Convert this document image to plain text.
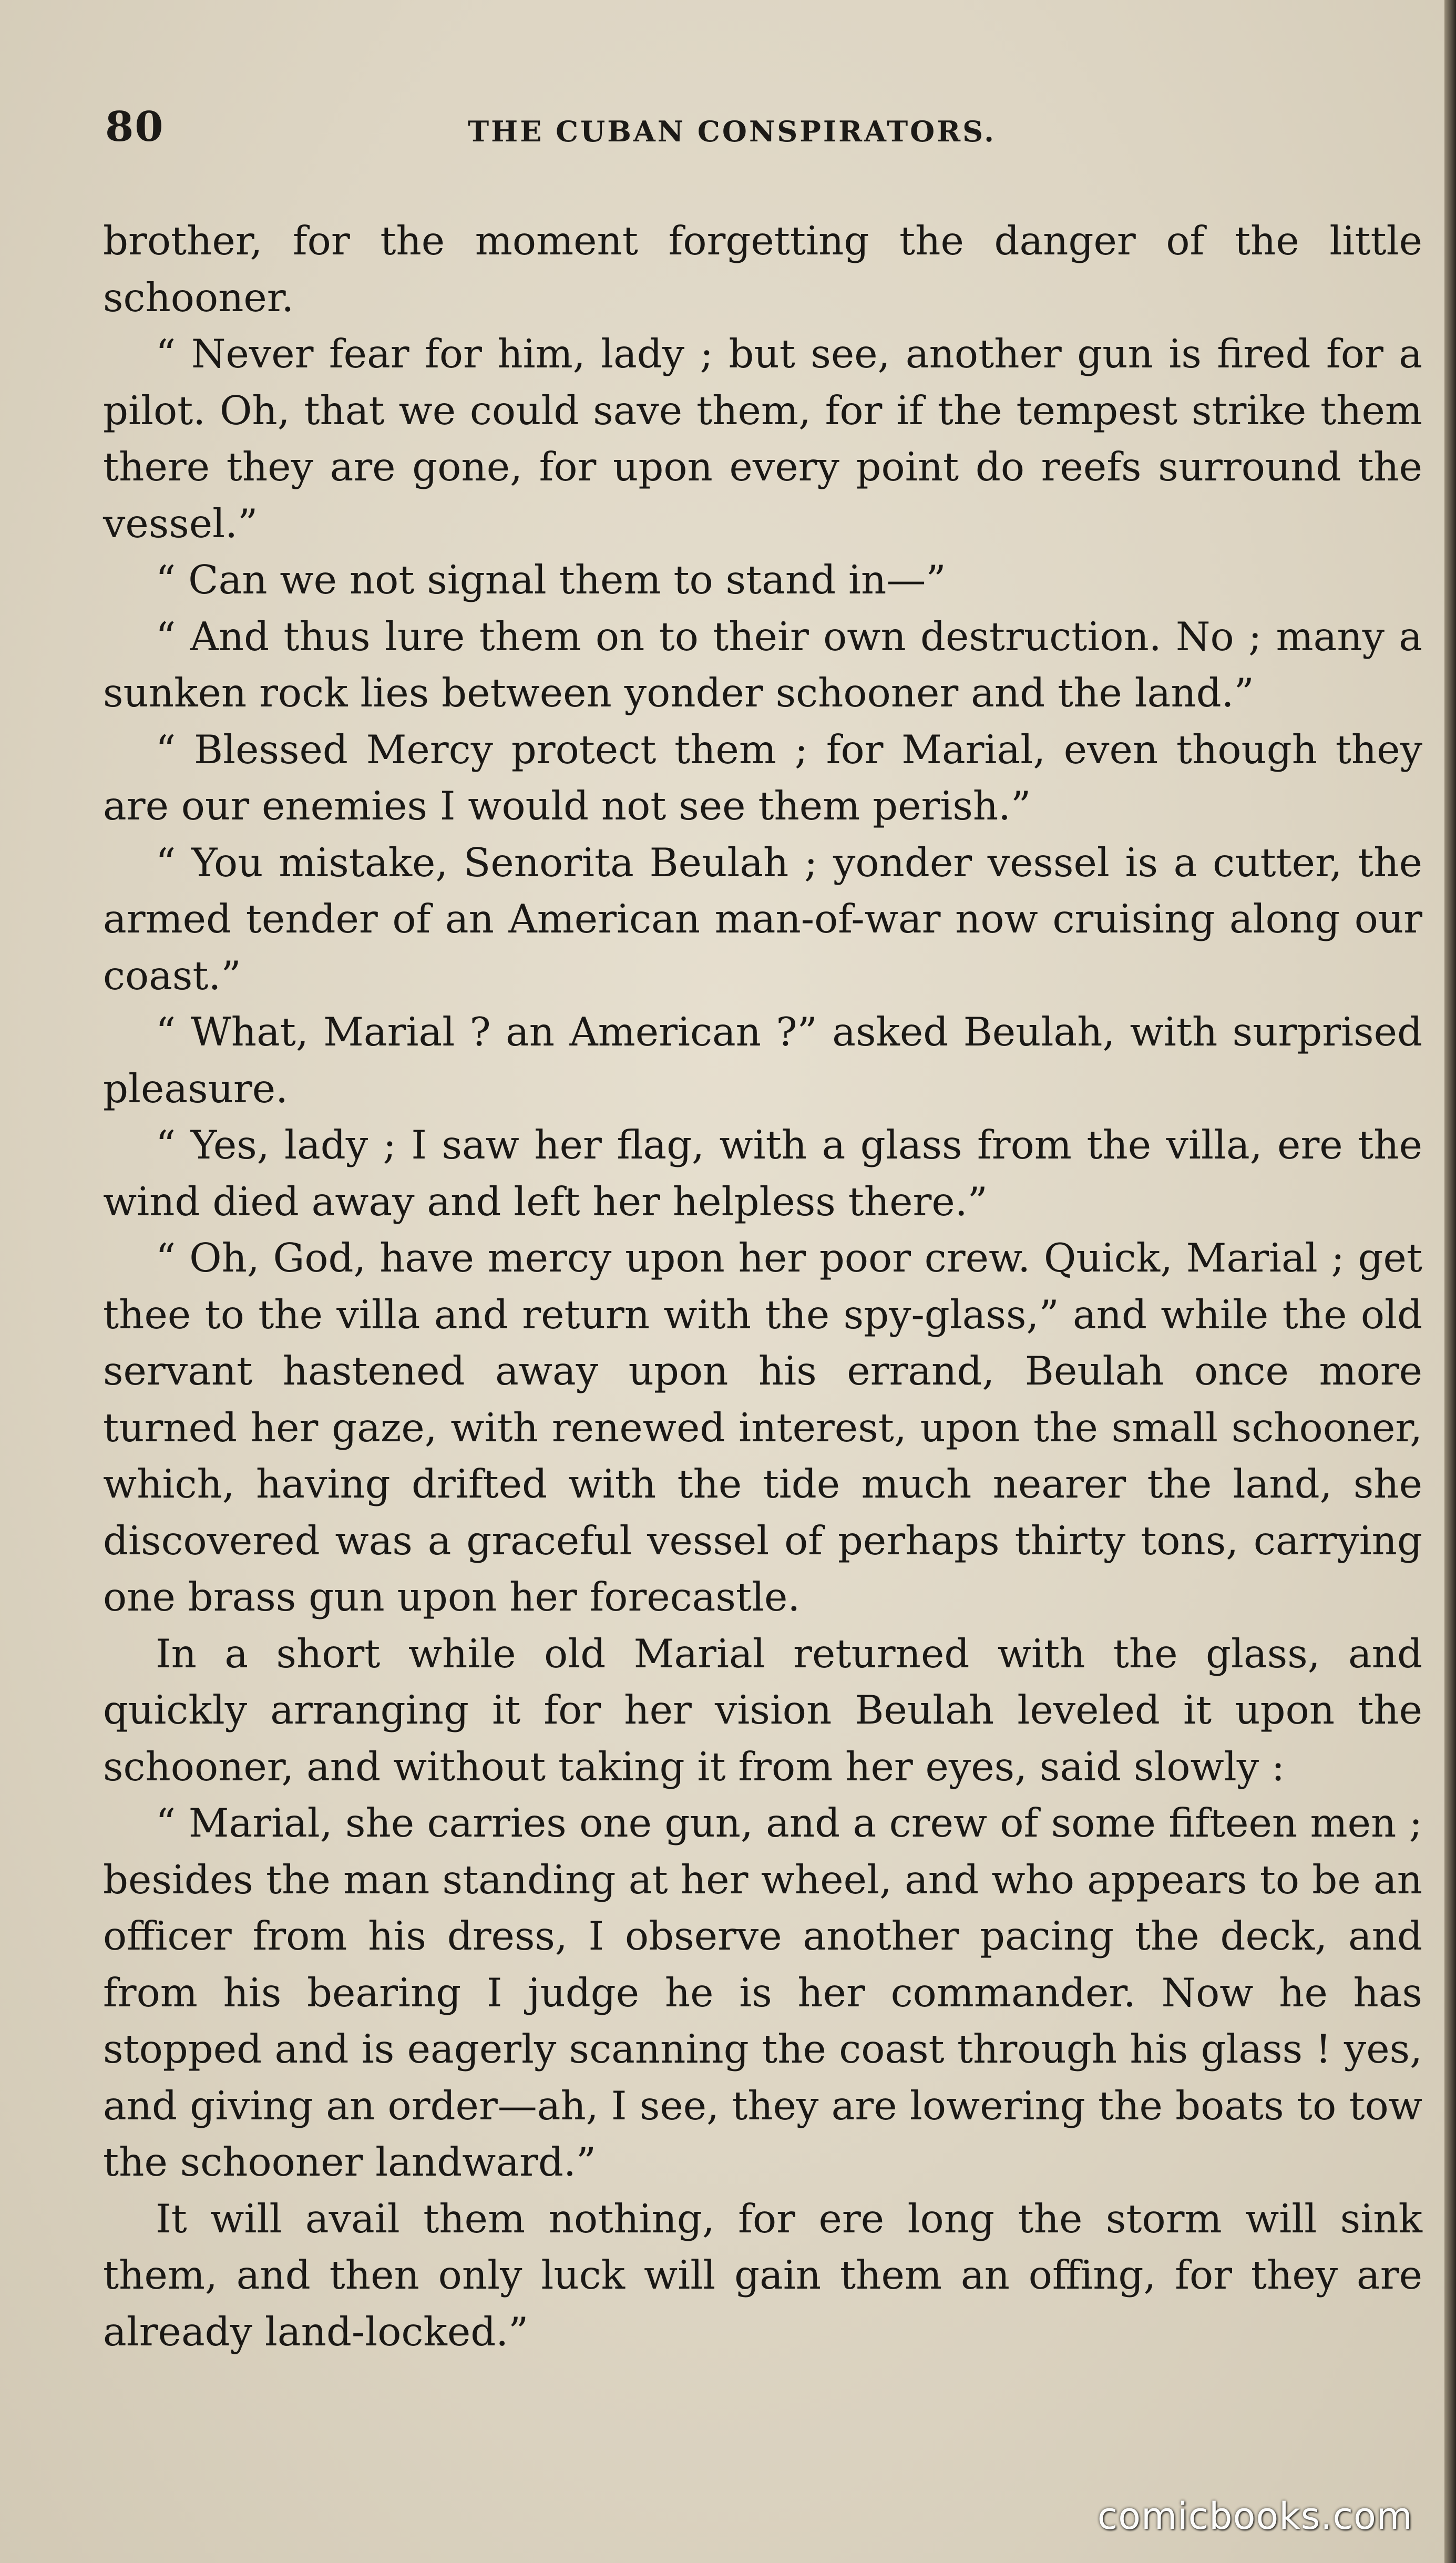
80	THE CUBAN CONSPIRATORS.

brother, for the moment forgetting the danger of the little schooner.

“ Never fear for him, lady ; but see, another gun is fired for a pilot. Oh, that we could save them, for if the tempest strike them there they are gone, for upon every point do reefs surround the vessel.”

“ Can we not signal them to stand in—”

“ And thus lure them on to their own destruction. No ; many a sunken rock lies between yonder schooner and the land.”

“ Blessed Mercy protect them ; for Marial, even though they are our enemies I would not see them perish.”

“ You mistake, Senorita Beulah ; yonder vessel is a cutter, the armed tender of an American man-of-war now cruising along our coast.”

“ What, Marial ? an American ?” asked Beulah, with surprised pleasure.

“ Yes, lady ; I saw her flag, with a glass from the villa, ere the wind died away and left her helpless there.”

“ Oh, God, have mercy upon her poor crew. Quick, Marial ; get thee to the villa and return with the spy-glass,” and while the old servant hastened away upon his errand, Beulah once more turned her gaze, with renewed interest, upon the small schooner, which, having drifted with the tide much nearer the land, she discovered was a graceful vessel of perhaps thirty tons, carrying one brass gun upon her forecastle.

In a short while old Marial returned with the glass, and quickly arranging it for her vision Beulah leveled it upon the schooner, and without taking it from her eyes, said slowly :

“ Marial, she carries one gun, and a crew of some fifteen men ; besides the man standing at her wheel, and who appears to be an officer from his dress, I observe another pacing the deck, and from his bearing I judge he is her commander. Now he has stopped and is eagerly scanning the coast through his glass ! yes, and giving an order—ah, I see, they are lowering the boats to tow the schooner landward.”

It will avail them nothing, for ere long the storm will sink them, and then only luck will gain them an offing, for they are already land-locked.”

comicbooks.com
